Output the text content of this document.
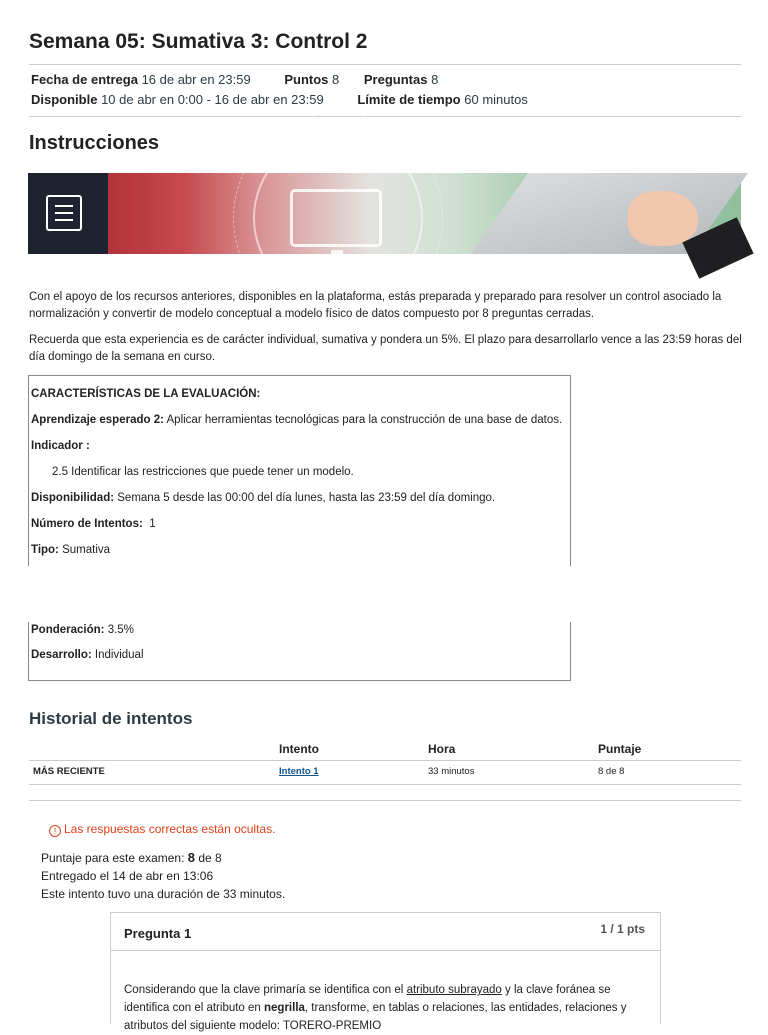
Semana 05: Sumativa 3: Control 2
Fecha de entrega 16 de abr en 23:59	Puntos 8 Preguntas 8
Disponible 10 de abr en 0:00 - 16 de abr en 23:59	Límite de tiempo 60 minutos
Instrucciones

Con el apoyo de los recursos anteriores, disponibles en la plataforma, estás preparada y preparado para resolver un control asociado la normalización y convertir de modelo conceptual a modelo físico de datos compuesto por 8 preguntas cerradas.

Recuerda que esta experiencia es de carácter individual, sumativa y pondera un 5%. El plazo para desarrollarlo vence a las 23:59 horas del día domingo de la semana en curso.

CARACTERÍSTICAS DE LA EVALUACIÓN:
Aprendizaje esperado 2: Aplicar herramientas tecnológicas para la construcción de una base de datos.
Indicador :
2.5 Identificar las restricciones que puede tener un modelo.
Disponibilidad: Semana 5 desde las 00:00 del día lunes, hasta las 23:59 del día domingo.
Número de Intentos: 1
Tipo: Sumativa
Ponderación: 3.5%
Desarrollo: Individual
Historial de intentos
Intento	Hora	Puntaje
MÁS RECIENTE	Intento 1	33 minutos	8 de 8
! Las respuestas correctas están ocultas.
Puntaje para este examen: 8 de 8
Entregado el 14 de abr en 13:06
Este intento tuvo una duración de 33 minutos.
Pregunta 1	1 / 1 pts
Considerando que la clave primaría se identifica con el atributo subrayado y la clave foránea se identifica con el atributo en negrilla, transforme, en tablas o relaciones, las entidades, relaciones y atributos del siguiente modelo: TORERO-PREMIO
